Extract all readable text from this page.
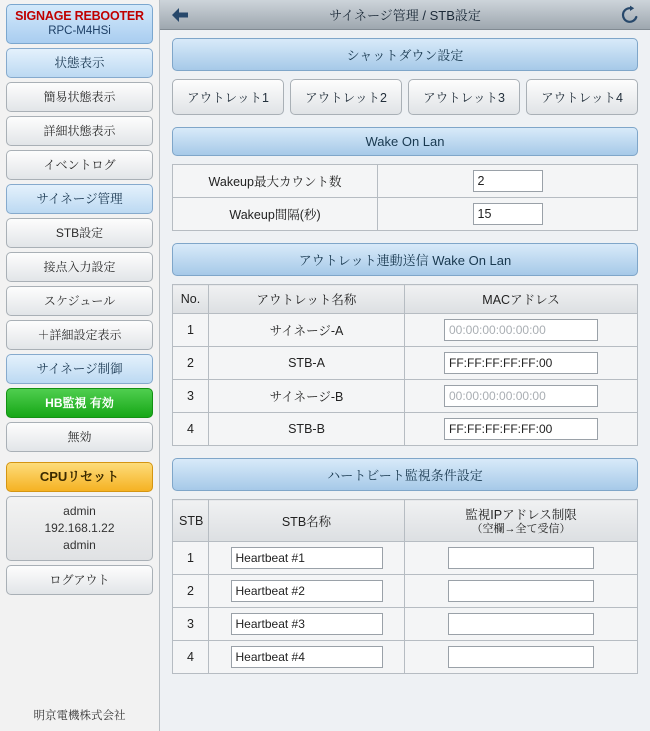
SIGNAGE REBOOTER
RPC-M4HSi
状態表示
簡易状態表示
詳細状態表示
イベントログ
サイネージ管理
STB設定
接点入力設定
スケジュール
＋詳細設定表示
サイネージ制御
HB監視 有効
無効
CPUリセット
admin
192.168.1.22
admin
ログアウト
明京電機株式会社
サイネージ管理 / STB設定
シャットダウン設定
アウトレット1	アウトレット2	アウトレット3	アウトレット4
Wake On Lan
Wakeup最大カウント数	2
Wakeup間隔(秒)	15
アウトレット連動送信 Wake On Lan
No.	アウトレット名称	MACアドレス
1	サイネージ-A	00:00:00:00:00:00
2	STB-A	FF:FF:FF:FF:FF:00
3	サイネージ-B	00:00:00:00:00:00
4	STB-B	FF:FF:FF:FF:FF:00
ハートビート監視条件設定
STB	STB名称	監視IPアドレス制限
（空欄→全て受信）

1	Heartbeat #1	
2	Heartbeat #2	
3	Heartbeat #3	
4	Heartbeat #4	
